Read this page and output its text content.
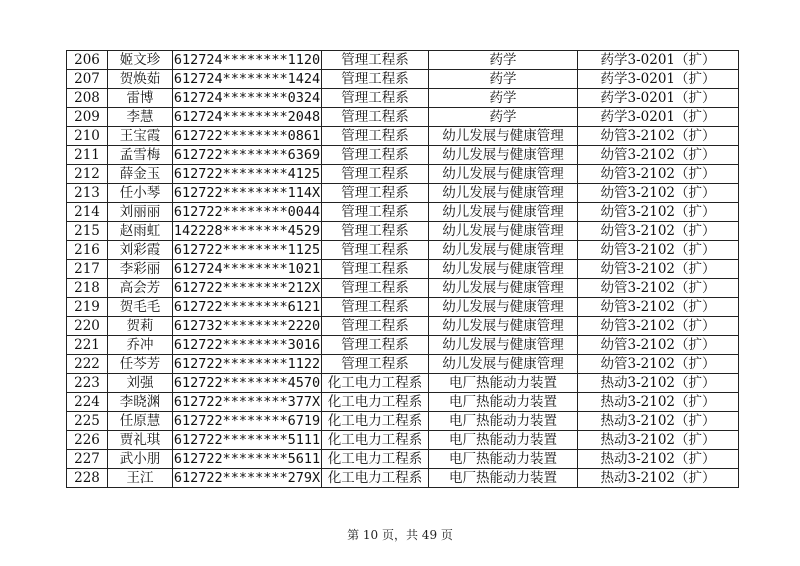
206	姬文珍	612724********1120	管理工程系	药学	药学3-0201（扩）
207	贺焕茹	612724********1424	管理工程系	药学	药学3-0201（扩）
208	雷博	612724********0324	管理工程系	药学	药学3-0201（扩）
209	李慧	612724********2048	管理工程系	药学	药学3-0201（扩）
210	王宝霞	612722********0861	管理工程系	幼儿发展与健康管理	幼管3-2102（扩）
211	孟雪梅	612722********6369	管理工程系	幼儿发展与健康管理	幼管3-2102（扩）
212	薛金玉	612722********4125	管理工程系	幼儿发展与健康管理	幼管3-2102（扩）
213	任小琴	612722********114X	管理工程系	幼儿发展与健康管理	幼管3-2102（扩）
214	刘丽丽	612722********0044	管理工程系	幼儿发展与健康管理	幼管3-2102（扩）
215	赵雨虹	142228********4529	管理工程系	幼儿发展与健康管理	幼管3-2102（扩）
216	刘彩霞	612722********1125	管理工程系	幼儿发展与健康管理	幼管3-2102（扩）
217	李彩丽	612724********1021	管理工程系	幼儿发展与健康管理	幼管3-2102（扩）
218	高会芳	612722********212X	管理工程系	幼儿发展与健康管理	幼管3-2102（扩）
219	贺毛毛	612722********6121	管理工程系	幼儿发展与健康管理	幼管3-2102（扩）
220	贺莉	612732********2220	管理工程系	幼儿发展与健康管理	幼管3-2102（扩）
221	乔冲	612722********3016	管理工程系	幼儿发展与健康管理	幼管3-2102（扩）
222	任芩芳	612722********1122	管理工程系	幼儿发展与健康管理	幼管3-2102（扩）
223	刘强	612722********4570	化工电力工程系	电厂热能动力装置	热动3-2102（扩）
224	李晓渊	612722********377X	化工电力工程系	电厂热能动力装置	热动3-2102（扩）
225	任原慧	612722********6719	化工电力工程系	电厂热能动力装置	热动3-2102（扩）
226	贾礼琪	612722********5111	化工电力工程系	电厂热能动力装置	热动3-2102（扩）
227	武小朋	612722********5611	化工电力工程系	电厂热能动力装置	热动3-2102（扩）
228	王江	612722********279X	化工电力工程系	电厂热能动力装置	热动3-2102（扩）
第 10 页，共 49 页
